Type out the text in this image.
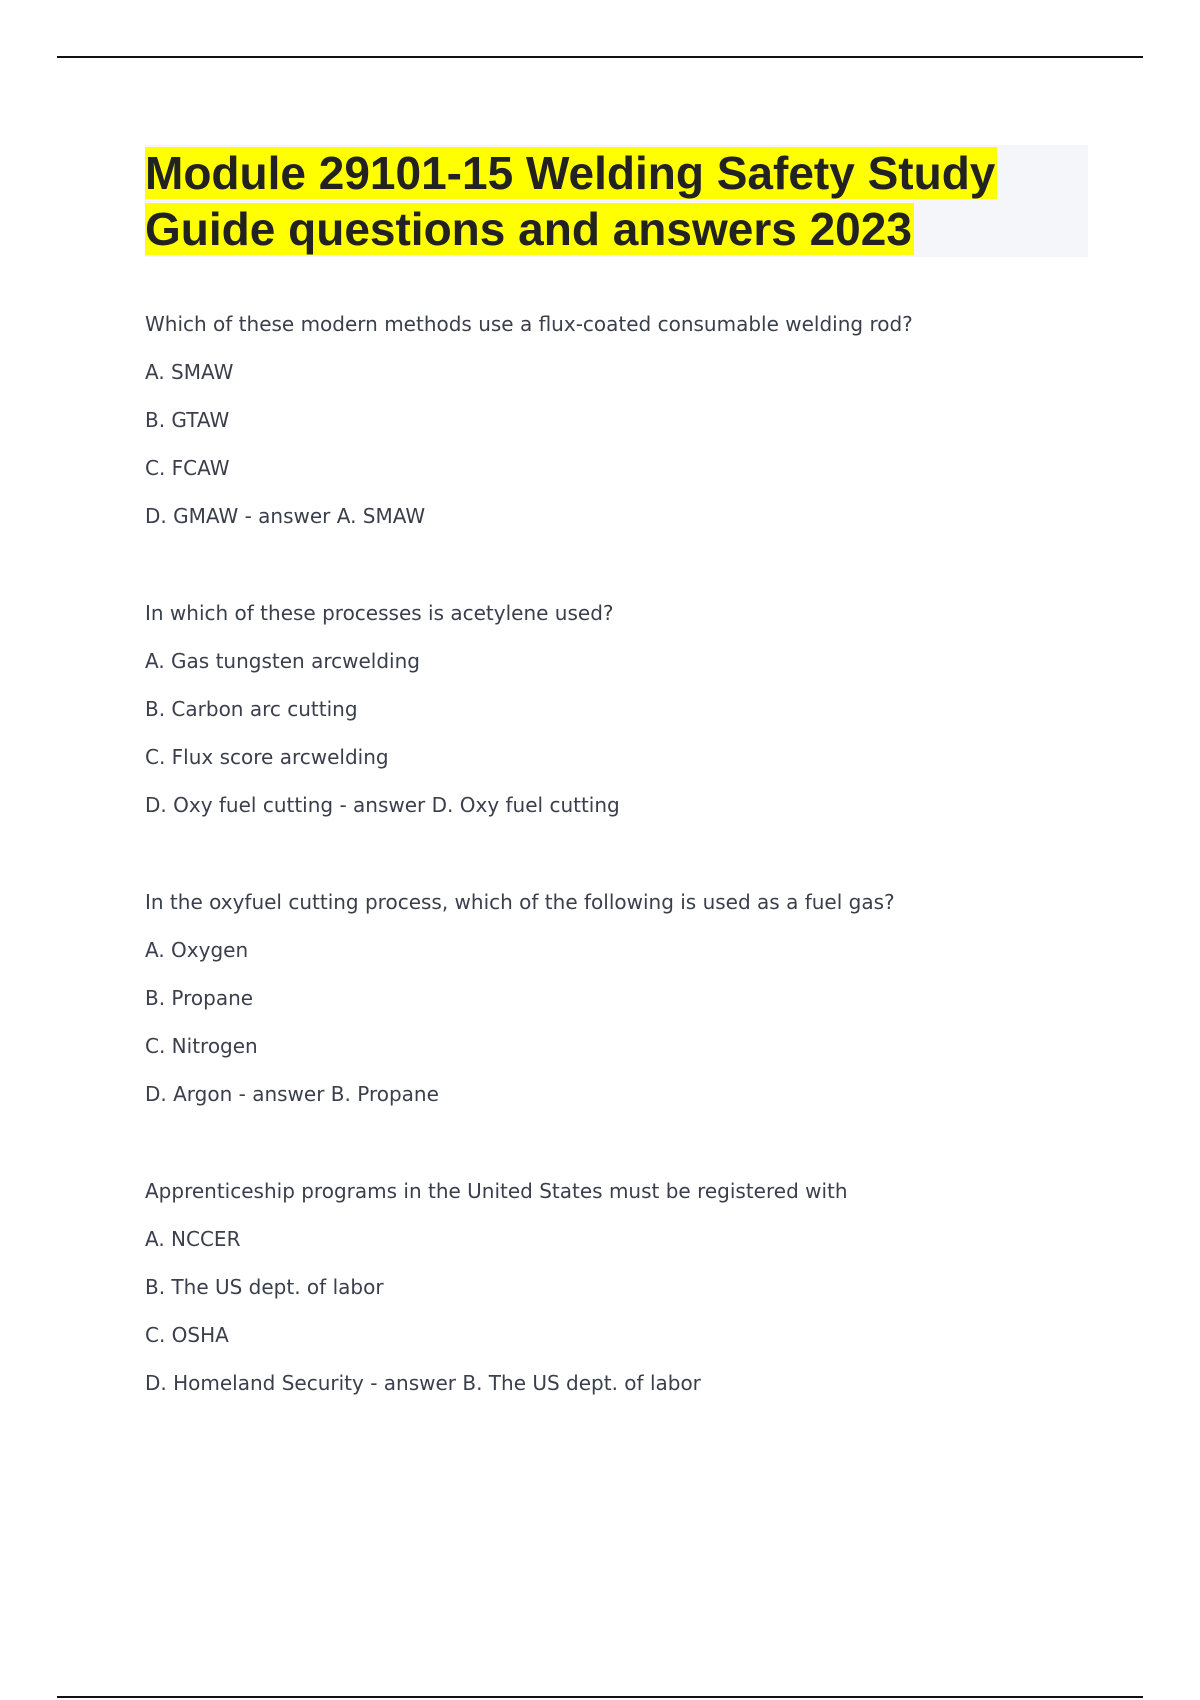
Module 29101-15 Welding Safety Study Guide questions and answers 2023
Which of these modern methods use a flux-coated consumable welding rod?
A. SMAW
B. GTAW
C. FCAW
D. GMAW - answer A. SMAW
In which of these processes is acetylene used?
A. Gas tungsten arcwelding
B. Carbon arc cutting
C. Flux score arcwelding
D. Oxy fuel cutting - answer D. Oxy fuel cutting
In the oxyfuel cutting process, which of the following is used as a fuel gas?
A. Oxygen
B. Propane
C. Nitrogen
D. Argon - answer B. Propane
Apprenticeship programs in the United States must be registered with
A. NCCER
B. The US dept. of labor
C. OSHA
D. Homeland Security - answer B. The US dept. of labor
